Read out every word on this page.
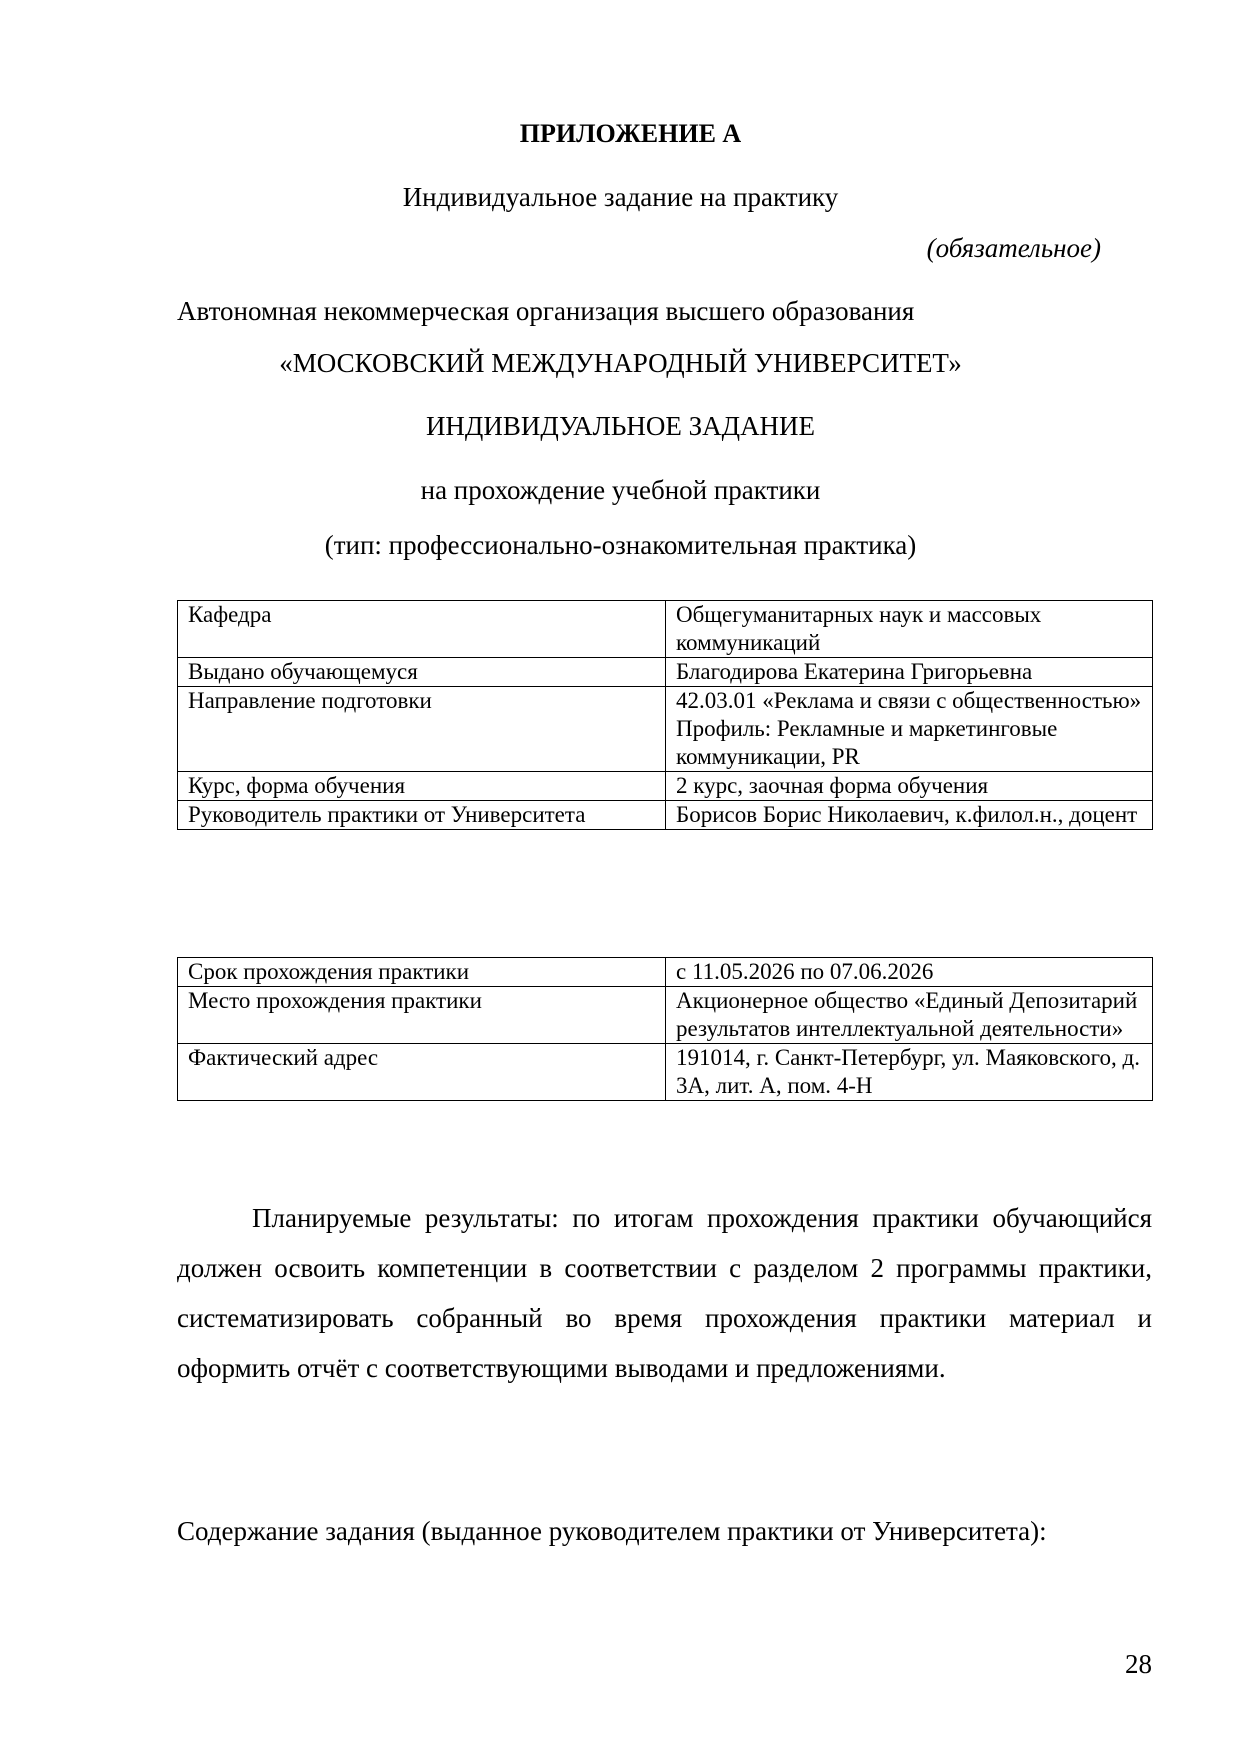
ПРИЛОЖЕНИЕ А
Индивидуальное задание на практику
(обязательное)
Автономная некоммерческая организация высшего образования
«МОСКОВСКИЙ МЕЖДУНАРОДНЫЙ УНИВЕРСИТЕТ»
ИНДИВИДУАЛЬНОЕ ЗАДАНИЕ
на прохождение учебной практики
(тип: профессионально-ознакомительная практика)
Кафедра	Общегуманитарных наук и массовых коммуникаций
Выдано обучающемуся	Благодирова Екатерина Григорьевна
Направление подготовки	42.03.01 «Реклама и связи с общественностью»
Профиль: Рекламные и маркетинговые коммуникации, PR

Курс, форма обучения	2 курс, заочная форма обучения
Руководитель практики от Университета	Борисов Борис Николаевич, к.филол.н., доцент
Срок прохождения практики	с 11.05.2026 по 07.06.2026
Место прохождения практики	Акционерное общество «Единый Депозитарий результатов интеллектуальной деятельности»
Фактический адрес	191014, г. Санкт-Петербург, ул. Маяковского, д. 3А, лит. А, пом. 4-Н
Планируемые результаты: по итогам прохождения практики обучающийся должен освоить компетенции в соответствии с разделом 2 программы практики, систематизировать собранный во время прохождения практики материал и оформить отчёт с соответствующими выводами и предложениями.
Содержание задания (выданное руководителем практики от Университета):
28
